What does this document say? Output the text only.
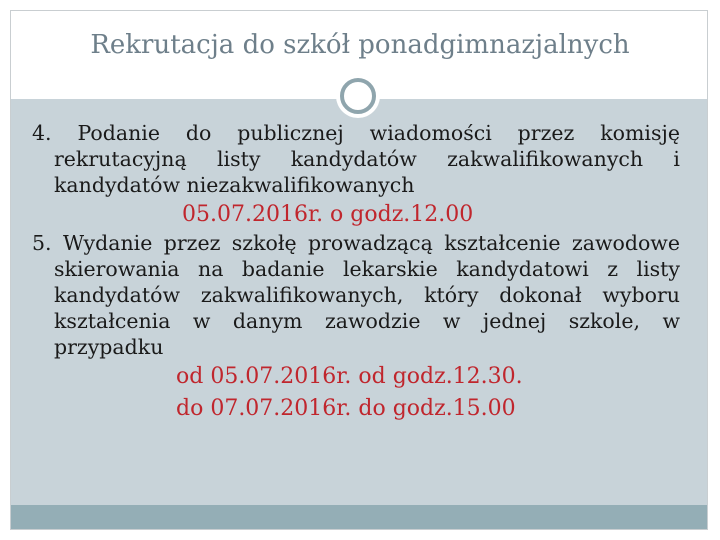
Rekrutacja do szkół ponadgimnazjalnych

4. Podanie do publicznej wiadomości przez komisję rekrutacyjną listy kandydatów zakwalifikowanych i kandydatów niezakwalifikowanych

05.07.2016r. o godz.12.00

5. Wydanie przez szkołę prowadzącą kształcenie zawodowe skierowania na badanie lekarskie kandydatowi z listy kandydatów zakwalifikowanych, który dokonał wyboru kształcenia w danym zawodzie w jednej szkole, w przypadku

od 05.07.2016r. od godz.12.30.

do 07.07.2016r. do godz.15.00
